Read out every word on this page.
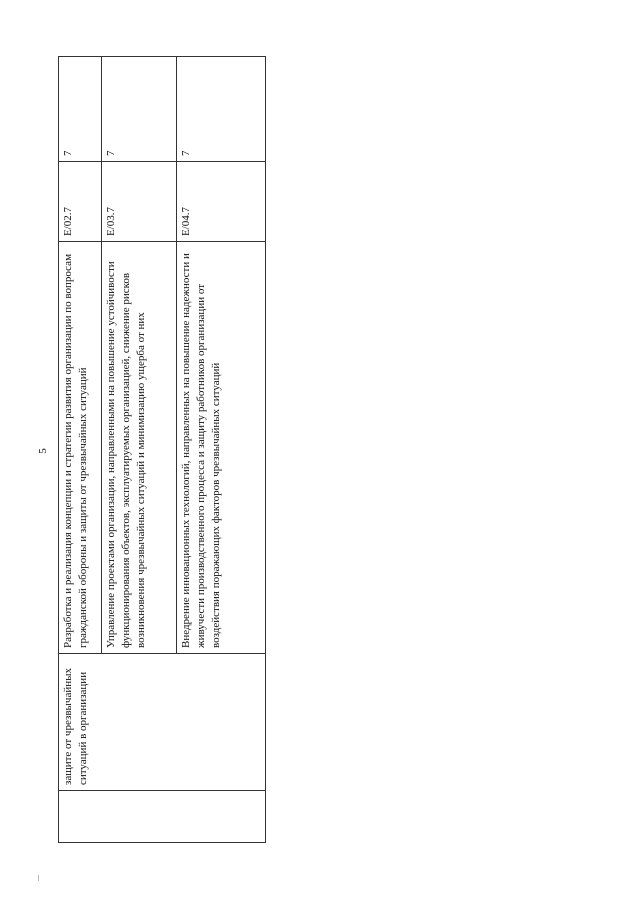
5
	защите от чрезвычайных ситуаций в организации	Разработка и реализация концепции и стратегии развития организации по вопросам гражданской обороны и защиты от чрезвычайных ситуаций	E/02.7	7
		Управление проектами организации, направленными на повышение устойчивости функционирования объектов, эксплуатируемых организацией, снижение рисков возникновения чрезвычайных ситуаций и минимизацию ущерба от них	E/03.7	7
		Внедрение инновационных технологий, направленных на повышение надежности и живучести производственного процесса и защиту работников организации от воздействия поражающих факторов чрезвычайных ситуаций	E/04.7	7
